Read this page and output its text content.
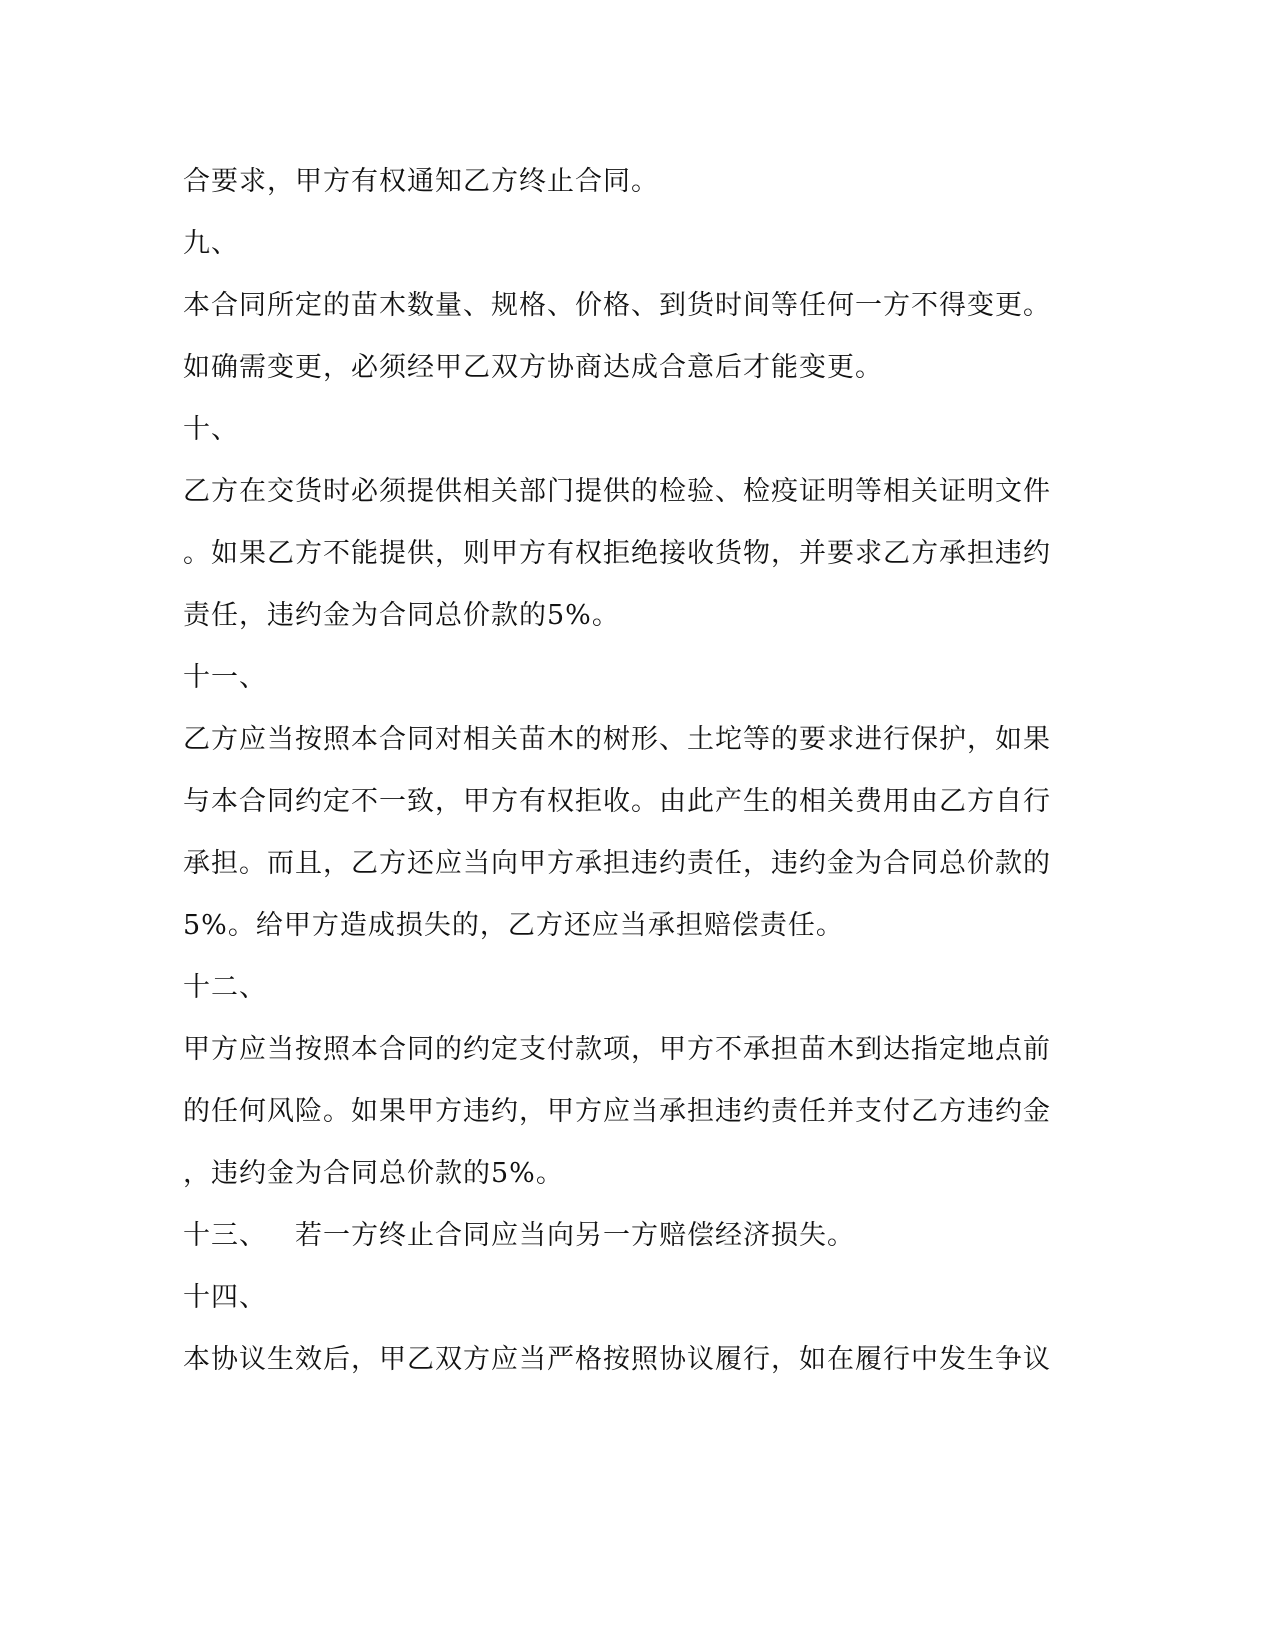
合要求，甲方有权通知乙方终止合同。
九、
本合同所定的苗木数量、规格、价格、到货时间等任何一方不得变更。
如确需变更，必须经甲乙双方协商达成合意后才能变更。
十、
乙方在交货时必须提供相关部门提供的检验、检疫证明等相关证明文件
。如果乙方不能提供，则甲方有权拒绝接收货物，并要求乙方承担违约
责任，违约金为合同总价款的5%。
十一、
乙方应当按照本合同对相关苗木的树形、土坨等的要求进行保护，如果
与本合同约定不一致，甲方有权拒收。由此产生的相关费用由乙方自行
承担。而且，乙方还应当向甲方承担违约责任，违约金为合同总价款的
5%。给甲方造成损失的，乙方还应当承担赔偿责任。
十二、
甲方应当按照本合同的约定支付款项，甲方不承担苗木到达指定地点前
的任何风险。如果甲方违约，甲方应当承担违约责任并支付乙方违约金
，违约金为合同总价款的5%。
十三、 若一方终止合同应当向另一方赔偿经济损失。
十四、
本协议生效后，甲乙双方应当严格按照协议履行，如在履行中发生争议
